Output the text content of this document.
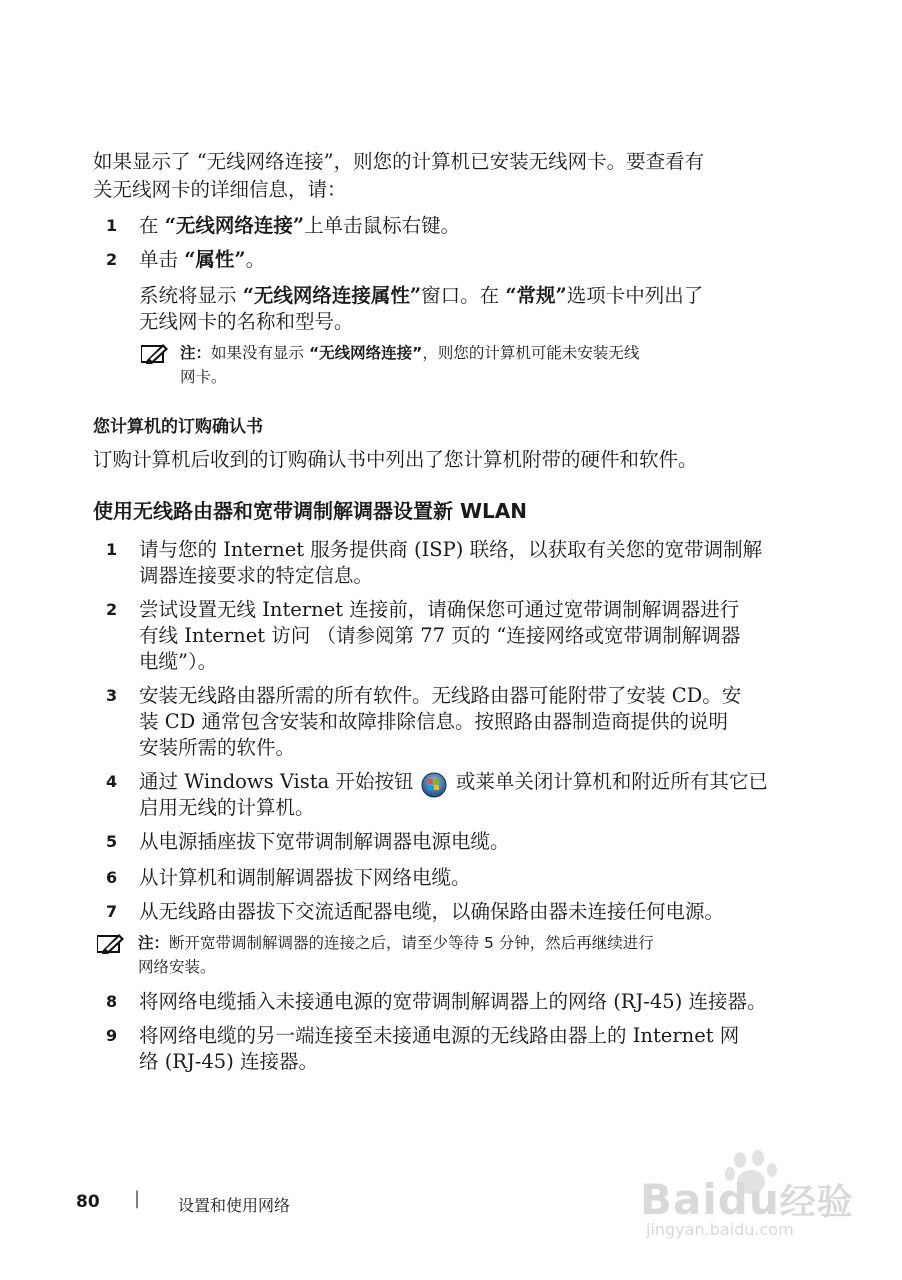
如果显示了 “无线网络连接”，则您的计算机已安装无线网卡。要查看有

关无线网卡的详细信息，请：

1 在 “无线网络连接”上单击鼠标右键。

2 单击 “属性”。

系统将显示 “无线网络连接属性”窗口。在 “常规”选项卡中列出了

无线网卡的名称和型号。

注：如果没有显示 “无线网络连接”，则您的计算机可能未安装无线
网卡。
您计算机的订购确认书

订购计算机后收到的订购确认书中列出了您计算机附带的硬件和软件。

使用无线路由器和宽带调制解调器设置新 WLAN
1 请与您的 Internet 服务提供商 (ISP) 联络，以获取有关您的宽带调制解

调器连接要求的特定信息。

2 尝试设置无线 Internet 连接前，请确保您可通过宽带调制解调器进行

有线 Internet 访问 （请参阅第 77 页的 “连接网络或宽带调制解调器

电缆”）。

3 安装无线路由器所需的所有软件。无线路由器可能附带了安装 CD。安

装 CD 通常包含安装和故障排除信息。按照路由器制造商提供的说明

安装所需的软件。

4 通过 Windows Vista 开始按钮  或莱单关闭计算机和附近所有其它已

启用无线的计算机。

5 从电源插座拔下宽带调制解调器电源电缆。

6 从计算机和调制解调器拔下网络电缆。

7 从无线路由器拔下交流适配器电缆，以确保路由器未连接任何电源。

注：断开宽带调制解调器的连接之后，请至少等待 5 分钟，然后再继续进行
网络安装。
8 将网络电缆插入未接通电源的宽带调制解调器上的网络 (RJ-45) 连接器。

9 将网络电缆的另一端连接至未接通电源的无线路由器上的 Internet 网

络 (RJ-45) 连接器。

80 | 设置和使用网络	Baidu经验
jingyan.baidu.com
